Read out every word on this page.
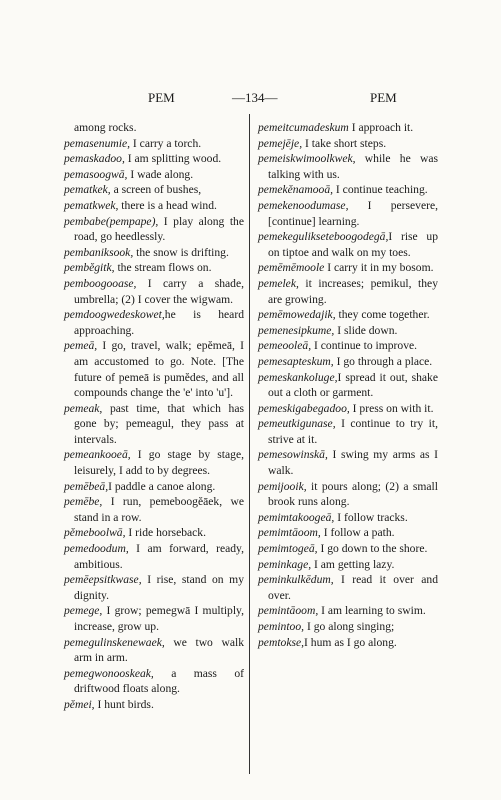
PEM	—134—	PEM

among rocks.

pemasenumie, I carry a torch.

pemaskadoo, I am splitting wood.

pemasoogwā, I wade along.

pematkek, a screen of bushes,

pematkwek, there is a head wind.

pembabe(pempape), I play along the road, go heedlessly.

pembaniksook, the snow is drifting.

pembĕgitk, the stream flows on.

pemboogooase, I carry a shade, umbrella; (2) I cover the wigwam.

pemdoogwedeskowet,he is heard approaching.

pemeā, I go, travel, walk; epĕmeā, I am accustomed to go. Note. [The future of pemeā is pumĕdes, and all compounds change the 'e' into 'u'].

pemeak, past time, that which has gone by; pemeagul, they pass at intervals.

pemeankooeā, I go stage by stage, leisurely, I add to by degrees.

pemēbeā,I paddle a canoe along.

pemēbe, I run, pemeboogĕāek, we stand in a row.

pĕmeboolwā, I ride horseback.

pemedoodum, I am forward, ready, ambitious.

pemēepsitkwase, I rise, stand on my dignity.

pemege, I grow; pemegwā I multiply, increase, grow up.

pemegulinskenewaek, we two walk arm in arm.

pemegwonooskeak, a mass of driftwood floats along.

pĕmei, I hunt birds.

pemeitcumadeskum I approach it.

pemejēje, I take short steps.

pemeiskwimoolkwek, while he was talking with us.

pemekĕnamooā, I continue teaching.

pemekenoodumase, I persevere, [continue] learning.

pemekegulikseteboogodegā,I rise up on tiptoe and walk on my toes.

pemēmēmoole I carry it in my bosom.

pemelek, it increases; pemikul, they are growing.

pemēmowedajik, they come together.

pemenesipkume, I slide down.

pemeooleā, I continue to improve.

pemesapteskum, I go through a place.

pemeskankoluge,I spread it out, shake out a cloth or garment.

pemeskigabegadoo, I press on with it.

pemeutkigunase, I continue to try it, strive at it.

pemesowinskā, I swing my arms as I walk.

pemijooik, it pours along; (2) a small brook runs along.

pemimtakoogeā, I follow tracks.

pemimtāoom, I follow a path.

pemimtogeā, I go down to the shore.

peminkage, I am getting lazy.

peminkulkēdum, I read it over and over.

pemintāoom, I am learning to swim.

pemintoo, I go along singing;

pemtokse,I hum as I go along.
